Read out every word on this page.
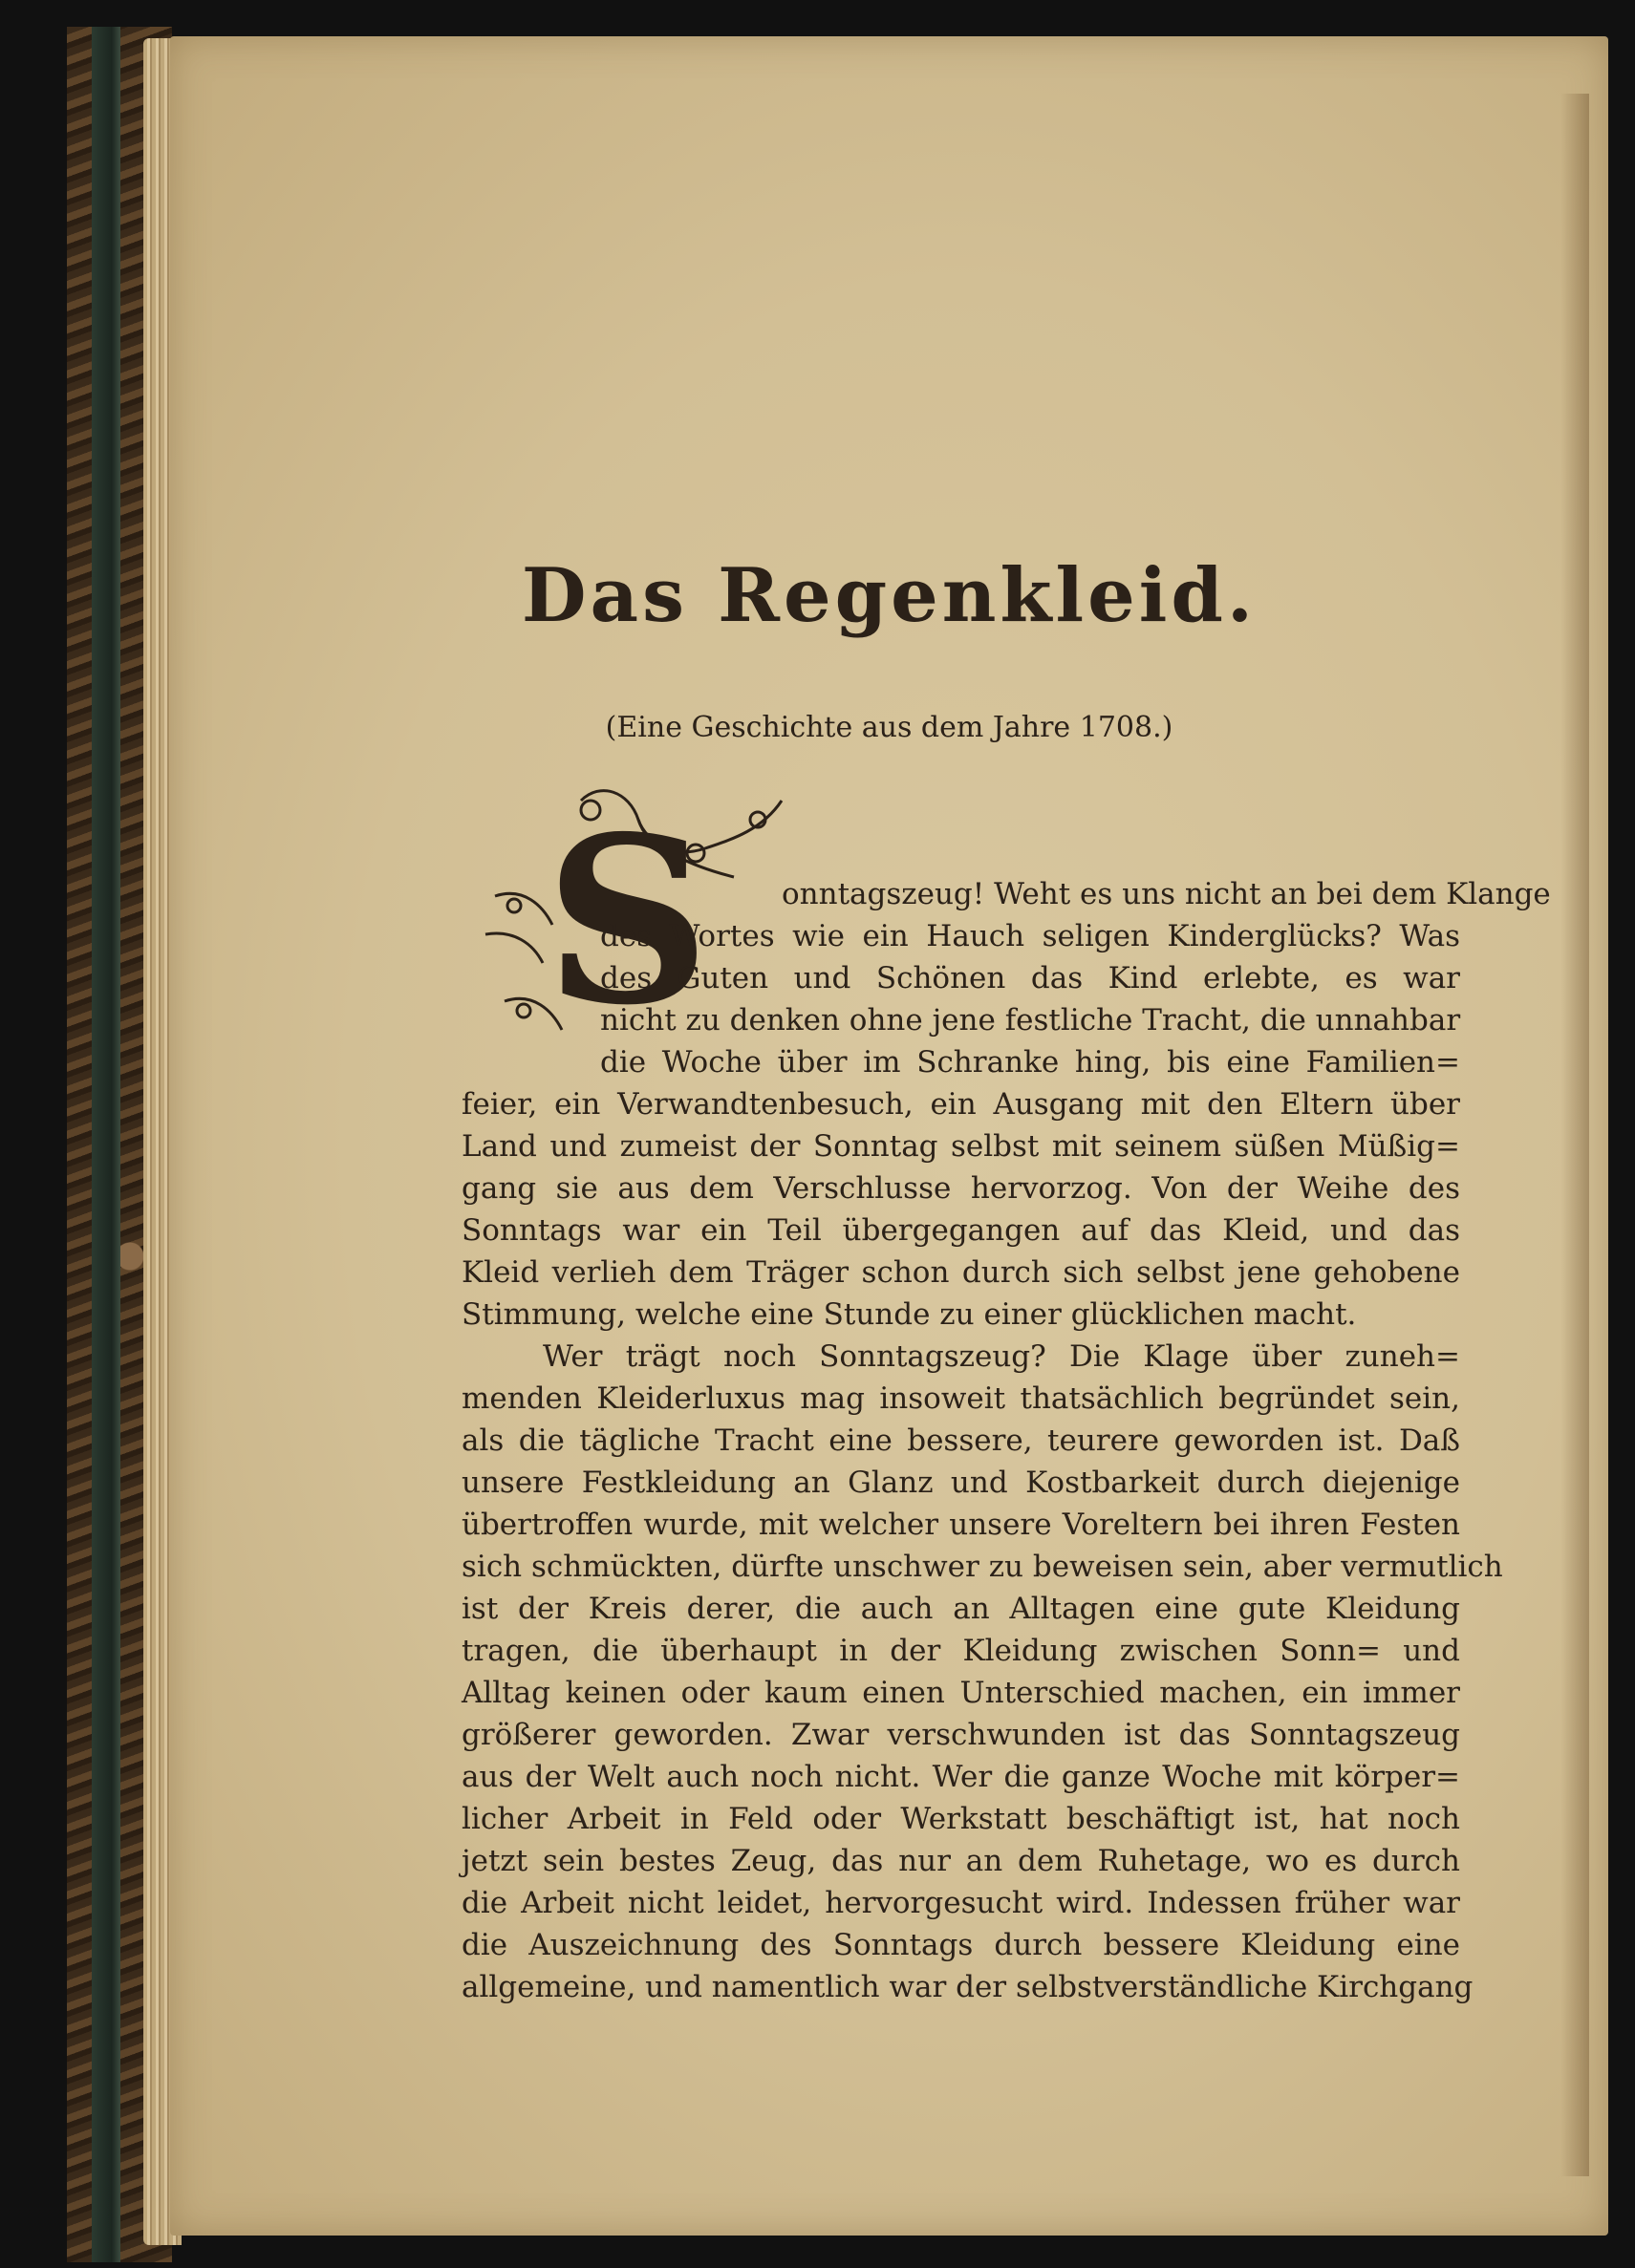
Das Regenkleid.
(Eine Geschichte aus dem Jahre 1708.)
S onntagszeug! Weht es uns nicht an bei dem Klange
des Wortes wie ein Hauch seligen Kinderglücks? Was
des Guten und Schönen das Kind erlebte, es war
nicht zu denken ohne jene festliche Tracht, die unnahbar
die Woche über im Schranke hing, bis eine Familien=
feier, ein Verwandtenbesuch, ein Ausgang mit den Eltern über
Land und zumeist der Sonntag selbst mit seinem süßen Müßig=
gang sie aus dem Verschlusse hervorzog. Von der Weihe des
Sonntags war ein Teil übergegangen auf das Kleid, und das
Kleid verlieh dem Träger schon durch sich selbst jene gehobene
Stimmung, welche eine Stunde zu einer glücklichen macht.
Wer trägt noch Sonntagszeug? Die Klage über zuneh=
menden Kleiderluxus mag insoweit thatsächlich begründet sein,
als die tägliche Tracht eine bessere, teurere geworden ist. Daß
unsere Festkleidung an Glanz und Kostbarkeit durch diejenige
übertroffen wurde, mit welcher unsere Voreltern bei ihren Festen
sich schmückten, dürfte unschwer zu beweisen sein, aber vermutlich
ist der Kreis derer, die auch an Alltagen eine gute Kleidung
tragen, die überhaupt in der Kleidung zwischen Sonn= und
Alltag keinen oder kaum einen Unterschied machen, ein immer
größerer geworden. Zwar verschwunden ist das Sonntagszeug
aus der Welt auch noch nicht. Wer die ganze Woche mit körper=
licher Arbeit in Feld oder Werkstatt beschäftigt ist, hat noch
jetzt sein bestes Zeug, das nur an dem Ruhetage, wo es durch
die Arbeit nicht leidet, hervorgesucht wird. Indessen früher war
die Auszeichnung des Sonntags durch bessere Kleidung eine
allgemeine, und namentlich war der selbstverständliche Kirchgang
